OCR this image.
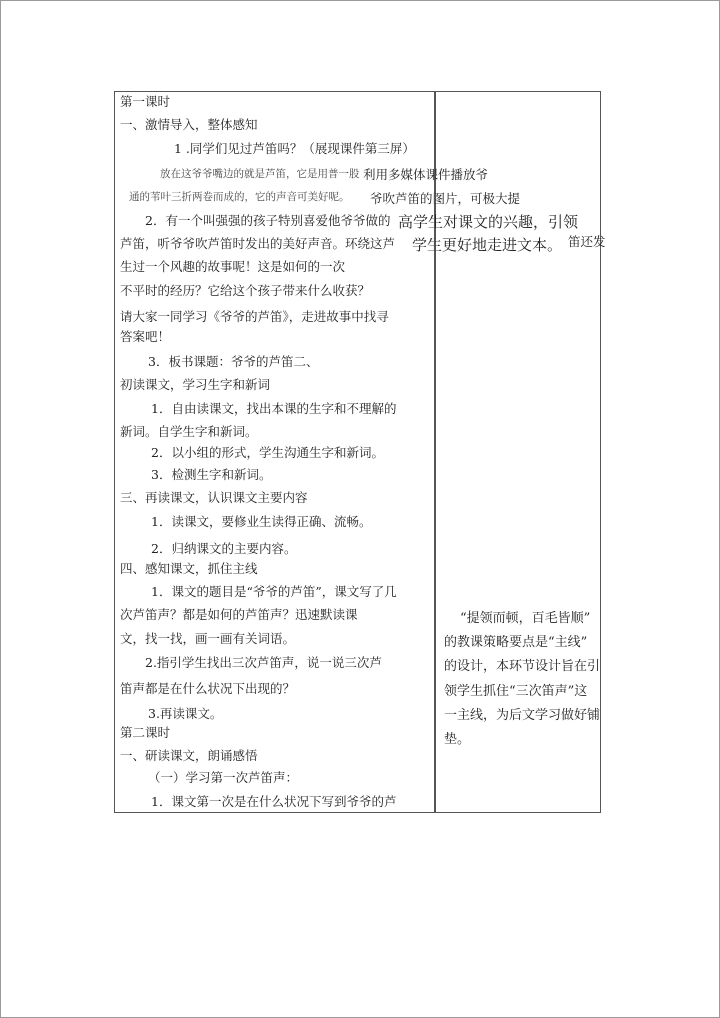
第一课时
一、激情导入，整体感知
1 .同学们见过芦笛吗？（展现课件第三屏）
放在这爷爷嘴边的就是芦笛，它是用普一股
通的苇叶三折两卷而成的，它的声音可美好呢。
2．有一个叫强强的孩子特别喜爱他爷爷做的
芦笛，听爷爷吹芦笛时发出的美好声音。环绕这芦
生过一个风趣的故事呢！这是如何的一次
不平时的经历？它给这个孩子带来什么收获？
请大家一同学习《爷爷的芦笛》，走进故事中找寻
答案吧！
3．板书课题：爷爷的芦笛二、
初读课文，学习生字和新词
1．自由读课文，找出本课的生字和不理解的
新词。自学生字和新词。
2．以小组的形式，学生沟通生字和新词。
3．检测生字和新词。
三、再读课文，认识课文主要内容
1．读课文，要修业生读得正确、流畅。
2．归纳课文的主要内容。
四、感知课文，抓住主线
1．课文的题目是“爷爷的芦笛”，课文写了几
次芦笛声？都是如何的芦笛声？迅速默读课
文，找一找，画一画有关词语。
2.指引学生找出三次芦笛声，说一说三次芦
笛声都是在什么状况下出现的？
3.再读课文。
第二课时
一、研读课文，朗诵感悟
（一）学习第一次芦笛声：
1．课文第一次是在什么状况下写到爷爷的芦
利用多媒体课件播放爷
爷吹芦笛的图片，可极大提
高学生对课文的兴趣，引领
学生更好地走进文本。 笛还发
“提领而顿，百毛皆顺”
的教课策略要点是“主线”
的设计，本环节设计旨在引
领学生抓住“三次笛声”这
一主线，为后文学习做好铺
垫。
